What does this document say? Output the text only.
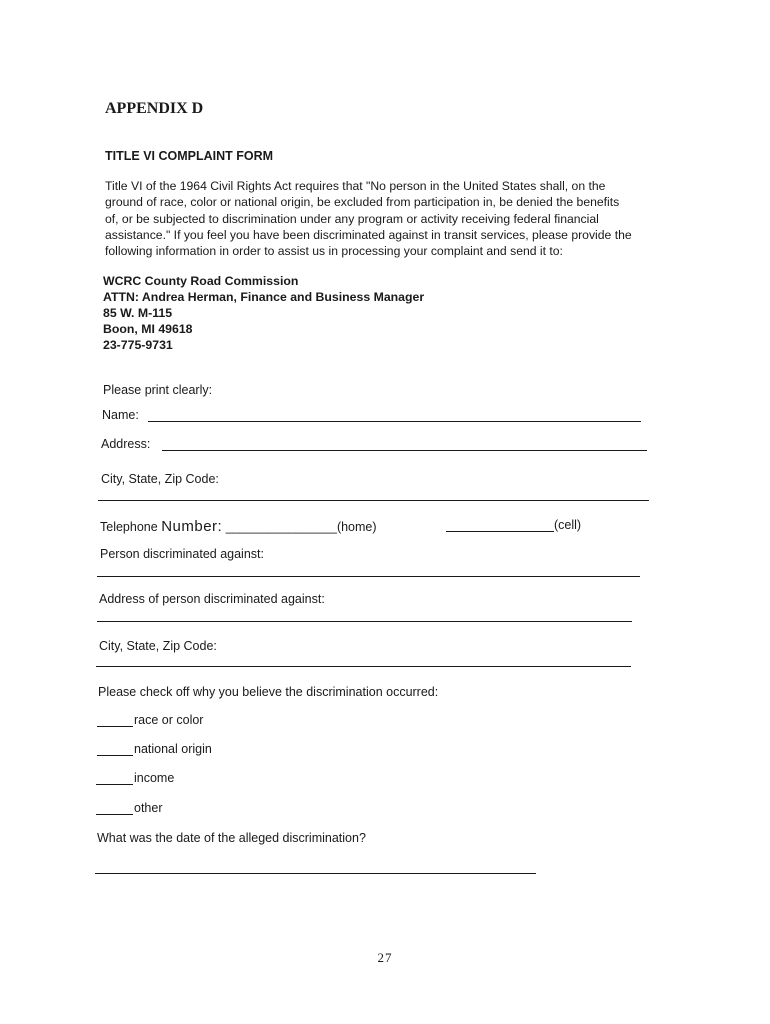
APPENDIX D
TITLE VI COMPLAINT FORM
Title VI of the 1964 Civil Rights Act requires that "No person in the United States shall, on the
ground of race, color or national origin, be excluded from participation in, be denied the benefits
of, or be subjected to discrimination under any program or activity receiving federal financial
assistance." If you feel you have been discriminated against in transit services, please provide the
following information in order to assist us in processing your complaint and send it to:
WCRC County Road Commission
ATTN: Andrea Herman, Finance and Business Manager
85 W. M-115
Boon, MI 49618
23-775-9731
Please print clearly:
Name:
Address:
City, State, Zip Code:
Telephone Number: ________________(home)	(cell)
Person discriminated against:
Address of person discriminated against:
City, State, Zip Code:
Please check off why you believe the discrimination occurred:
race or color
national origin
income
other
What was the date of the alleged discrimination?
27
